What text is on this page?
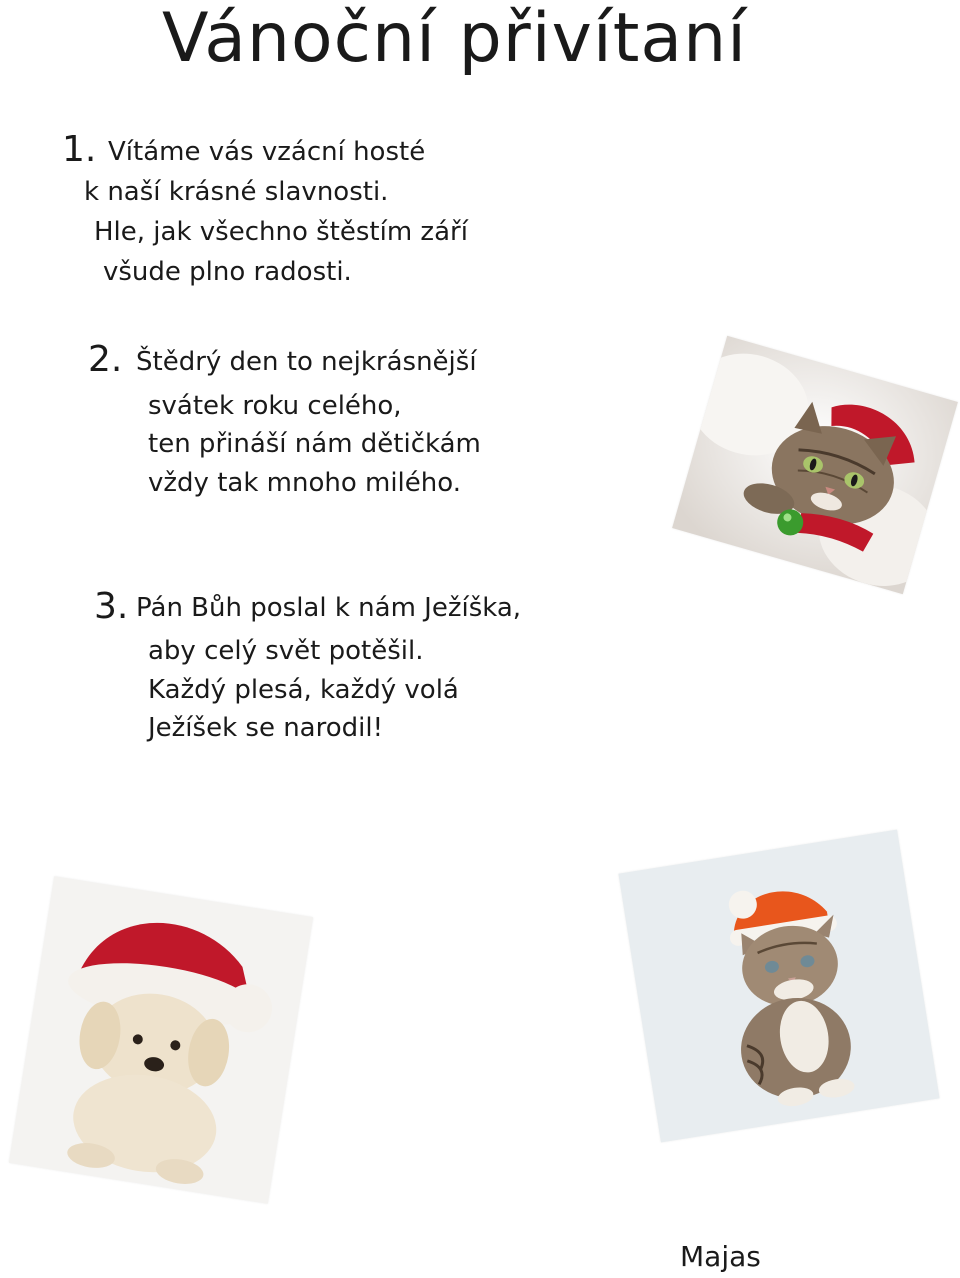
Vánoční přivítaní
1. Vítáme vás vzácní hosté
k naší krásné slavnosti.
Hle, jak všechno štěstím září
všude plno radosti.
2. Štědrý den to nejkrásnější
svátek roku celého,
ten přináší nám dětičkám
vždy tak mnoho milého.
3. Pán Bůh poslal k nám Ježíška,
aby celý svět potěšil.
Každý plesá, každý volá
Ježíšek se narodil!
Majas
